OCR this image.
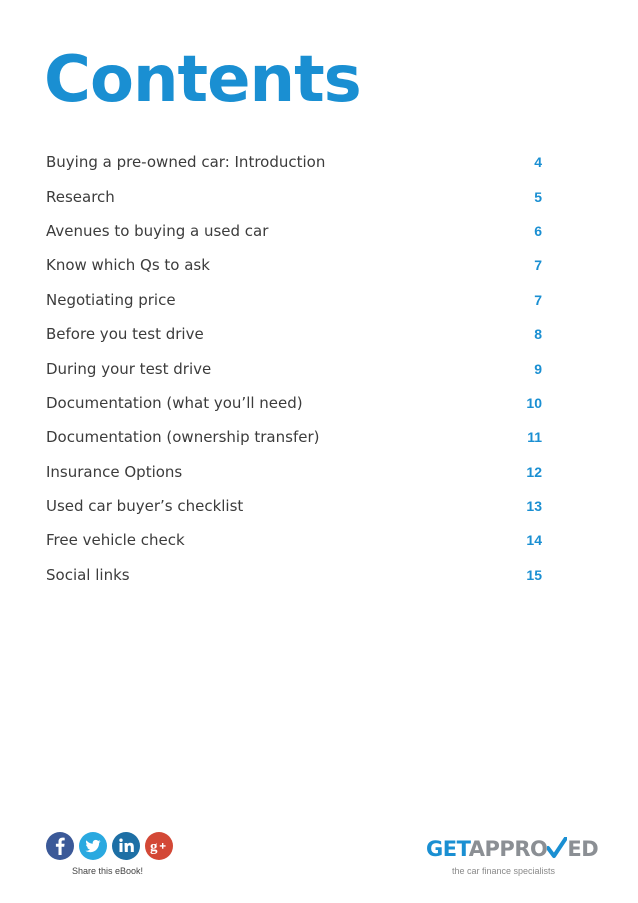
Contents
Buying a pre-owned car: Introduction	4
Research	5
Avenues to buying a used car	6
Know which Qs to ask	7
Negotiating price	7
Before you test drive	8
During your test drive	9
Documentation (what you’ll need)	10
Documentation (ownership transfer)	11
Insurance Options	12
Used car buyer’s checklist	13
Free vehicle check	14
Social links	15
g
Share this eBook!
GETAPPRO ED
the car finance specialists
